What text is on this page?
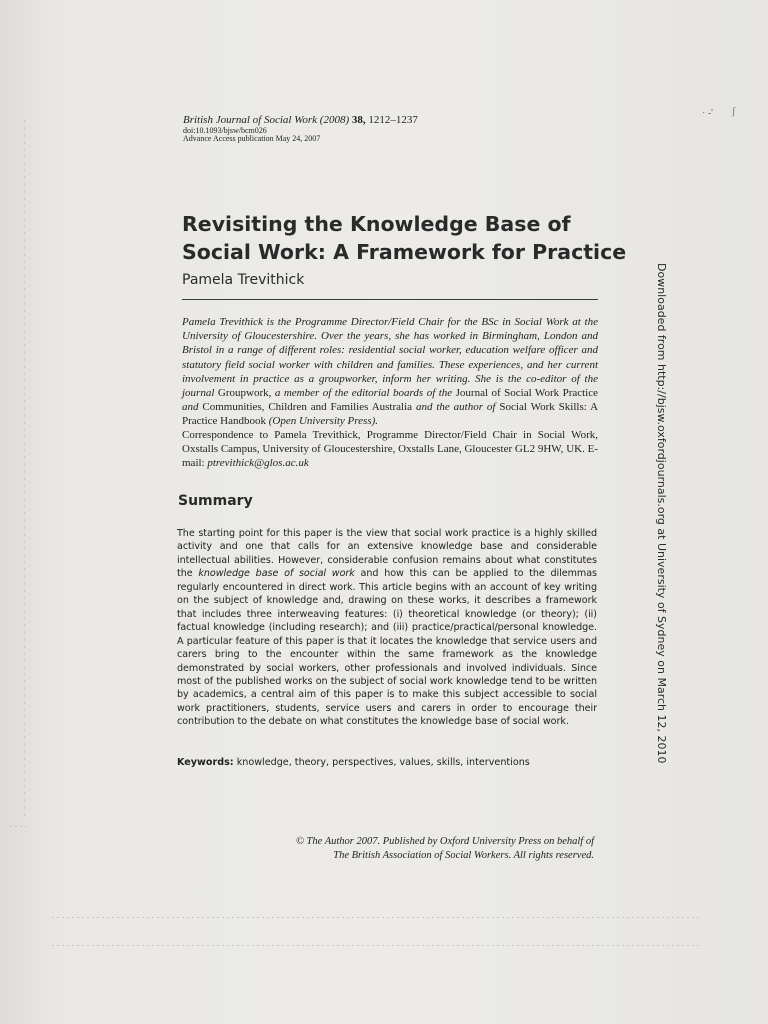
· ‑' ʃ
British Journal of Social Work (2008) 38, 1212–1237
doi:10.1093/bjsw/bcm026
Advance Access publication May 24, 2007
Revisiting the Knowledge Base of
Social Work: A Framework for Practice
Pamela Trevithick

Pamela Trevithick is the Programme Director/Field Chair for the BSc in Social Work at the University of Gloucestershire. Over the years, she has worked in Birmingham, London and Bristol in a range of different roles: residential social worker, education welfare officer and statutory field social worker with children and families. These experiences, and her current involvement in practice as a groupworker, inform her writing. She is the co-editor of the journal Groupwork, a member of the editorial boards of the Journal of Social Work Practice and Communities, Children and Families Australia and the author of Social Work Skills: A Practice Handbook (Open University Press).

Correspondence to Pamela Trevithick, Programme Director/Field Chair in Social Work, Oxstalls Campus, University of Gloucestershire, Oxstalls Lane, Gloucester GL2 9HW, UK. E-mail: ptrevithick@glos.ac.uk

Summary

The starting point for this paper is the view that social work practice is a highly skilled activity and one that calls for an extensive knowledge base and considerable intellectual abilities. However, considerable confusion remains about what constitutes the knowledge base of social work and how this can be applied to the dilemmas regularly encountered in direct work. This article begins with an account of key writing on the subject of knowledge and, drawing on these works, it describes a framework that includes three interweaving features: (i) theoretical knowledge (or theory); (ii) factual knowledge (including research); and (iii) practice/practical/personal knowledge. A particular feature of this paper is that it locates the knowledge that service users and carers bring to the encounter within the same framework as the knowledge demonstrated by social workers, other professionals and involved individuals. Since most of the published works on the subject of social work knowledge tend to be written by academics, a central aim of this paper is to make this subject accessible to social work practitioners, students, service users and carers in order to encourage their contribution to the debate on what constitutes the knowledge base of social work.

Keywords: knowledge, theory, perspectives, values, skills, interventions

© The Author 2007. Published by Oxford University Press on behalf of
The British Association of Social Workers. All rights reserved.

Downloaded from http://bjsw.oxfordjournals.org at University of Sydney on March 12, 2010
